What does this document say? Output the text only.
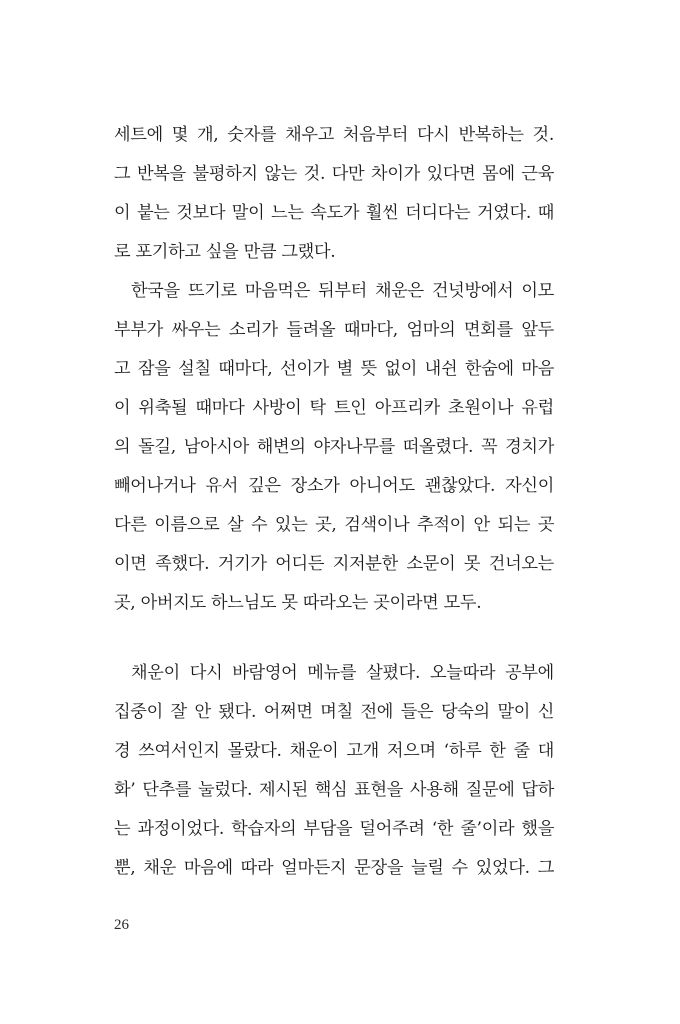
세트에 몇 개, 숫자를 채우고 처음부터 다시 반복하는 것.
그 반복을 불평하지 않는 것. 다만 차이가 있다면 몸에 근육
이 붙는 것보다 말이 느는 속도가 훨씬 더디다는 거였다. 때
로 포기하고 싶을 만큼 그랬다.
한국을 뜨기로 마음먹은 뒤부터 채운은 건넛방에서 이모
부부가 싸우는 소리가 들려올 때마다, 엄마의 면회를 앞두
고 잠을 설칠 때마다, 선이가 별 뜻 없이 내쉰 한숨에 마음
이 위축될 때마다 사방이 탁 트인 아프리카 초원이나 유럽
의 돌길, 남아시아 해변의 야자나무를 떠올렸다. 꼭 경치가
빼어나거나 유서 깊은 장소가 아니어도 괜찮았다. 자신이
다른 이름으로 살 수 있는 곳, 검색이나 추적이 안 되는 곳
이면 족했다. 거기가 어디든 지저분한 소문이 못 건너오는
곳, 아버지도 하느님도 못 따라오는 곳이라면 모두.
채운이 다시 바람영어 메뉴를 살폈다. 오늘따라 공부에
집중이 잘 안 됐다. 어쩌면 며칠 전에 들은 당숙의 말이 신
경 쓰여서인지 몰랐다. 채운이 고개 저으며 ‘하루 한 줄 대
화’ 단추를 눌렀다. 제시된 핵심 표현을 사용해 질문에 답하
는 과정이었다. 학습자의 부담을 덜어주려 ‘한 줄’이라 했을
뿐, 채운 마음에 따라 얼마든지 문장을 늘릴 수 있었다. 그
26
